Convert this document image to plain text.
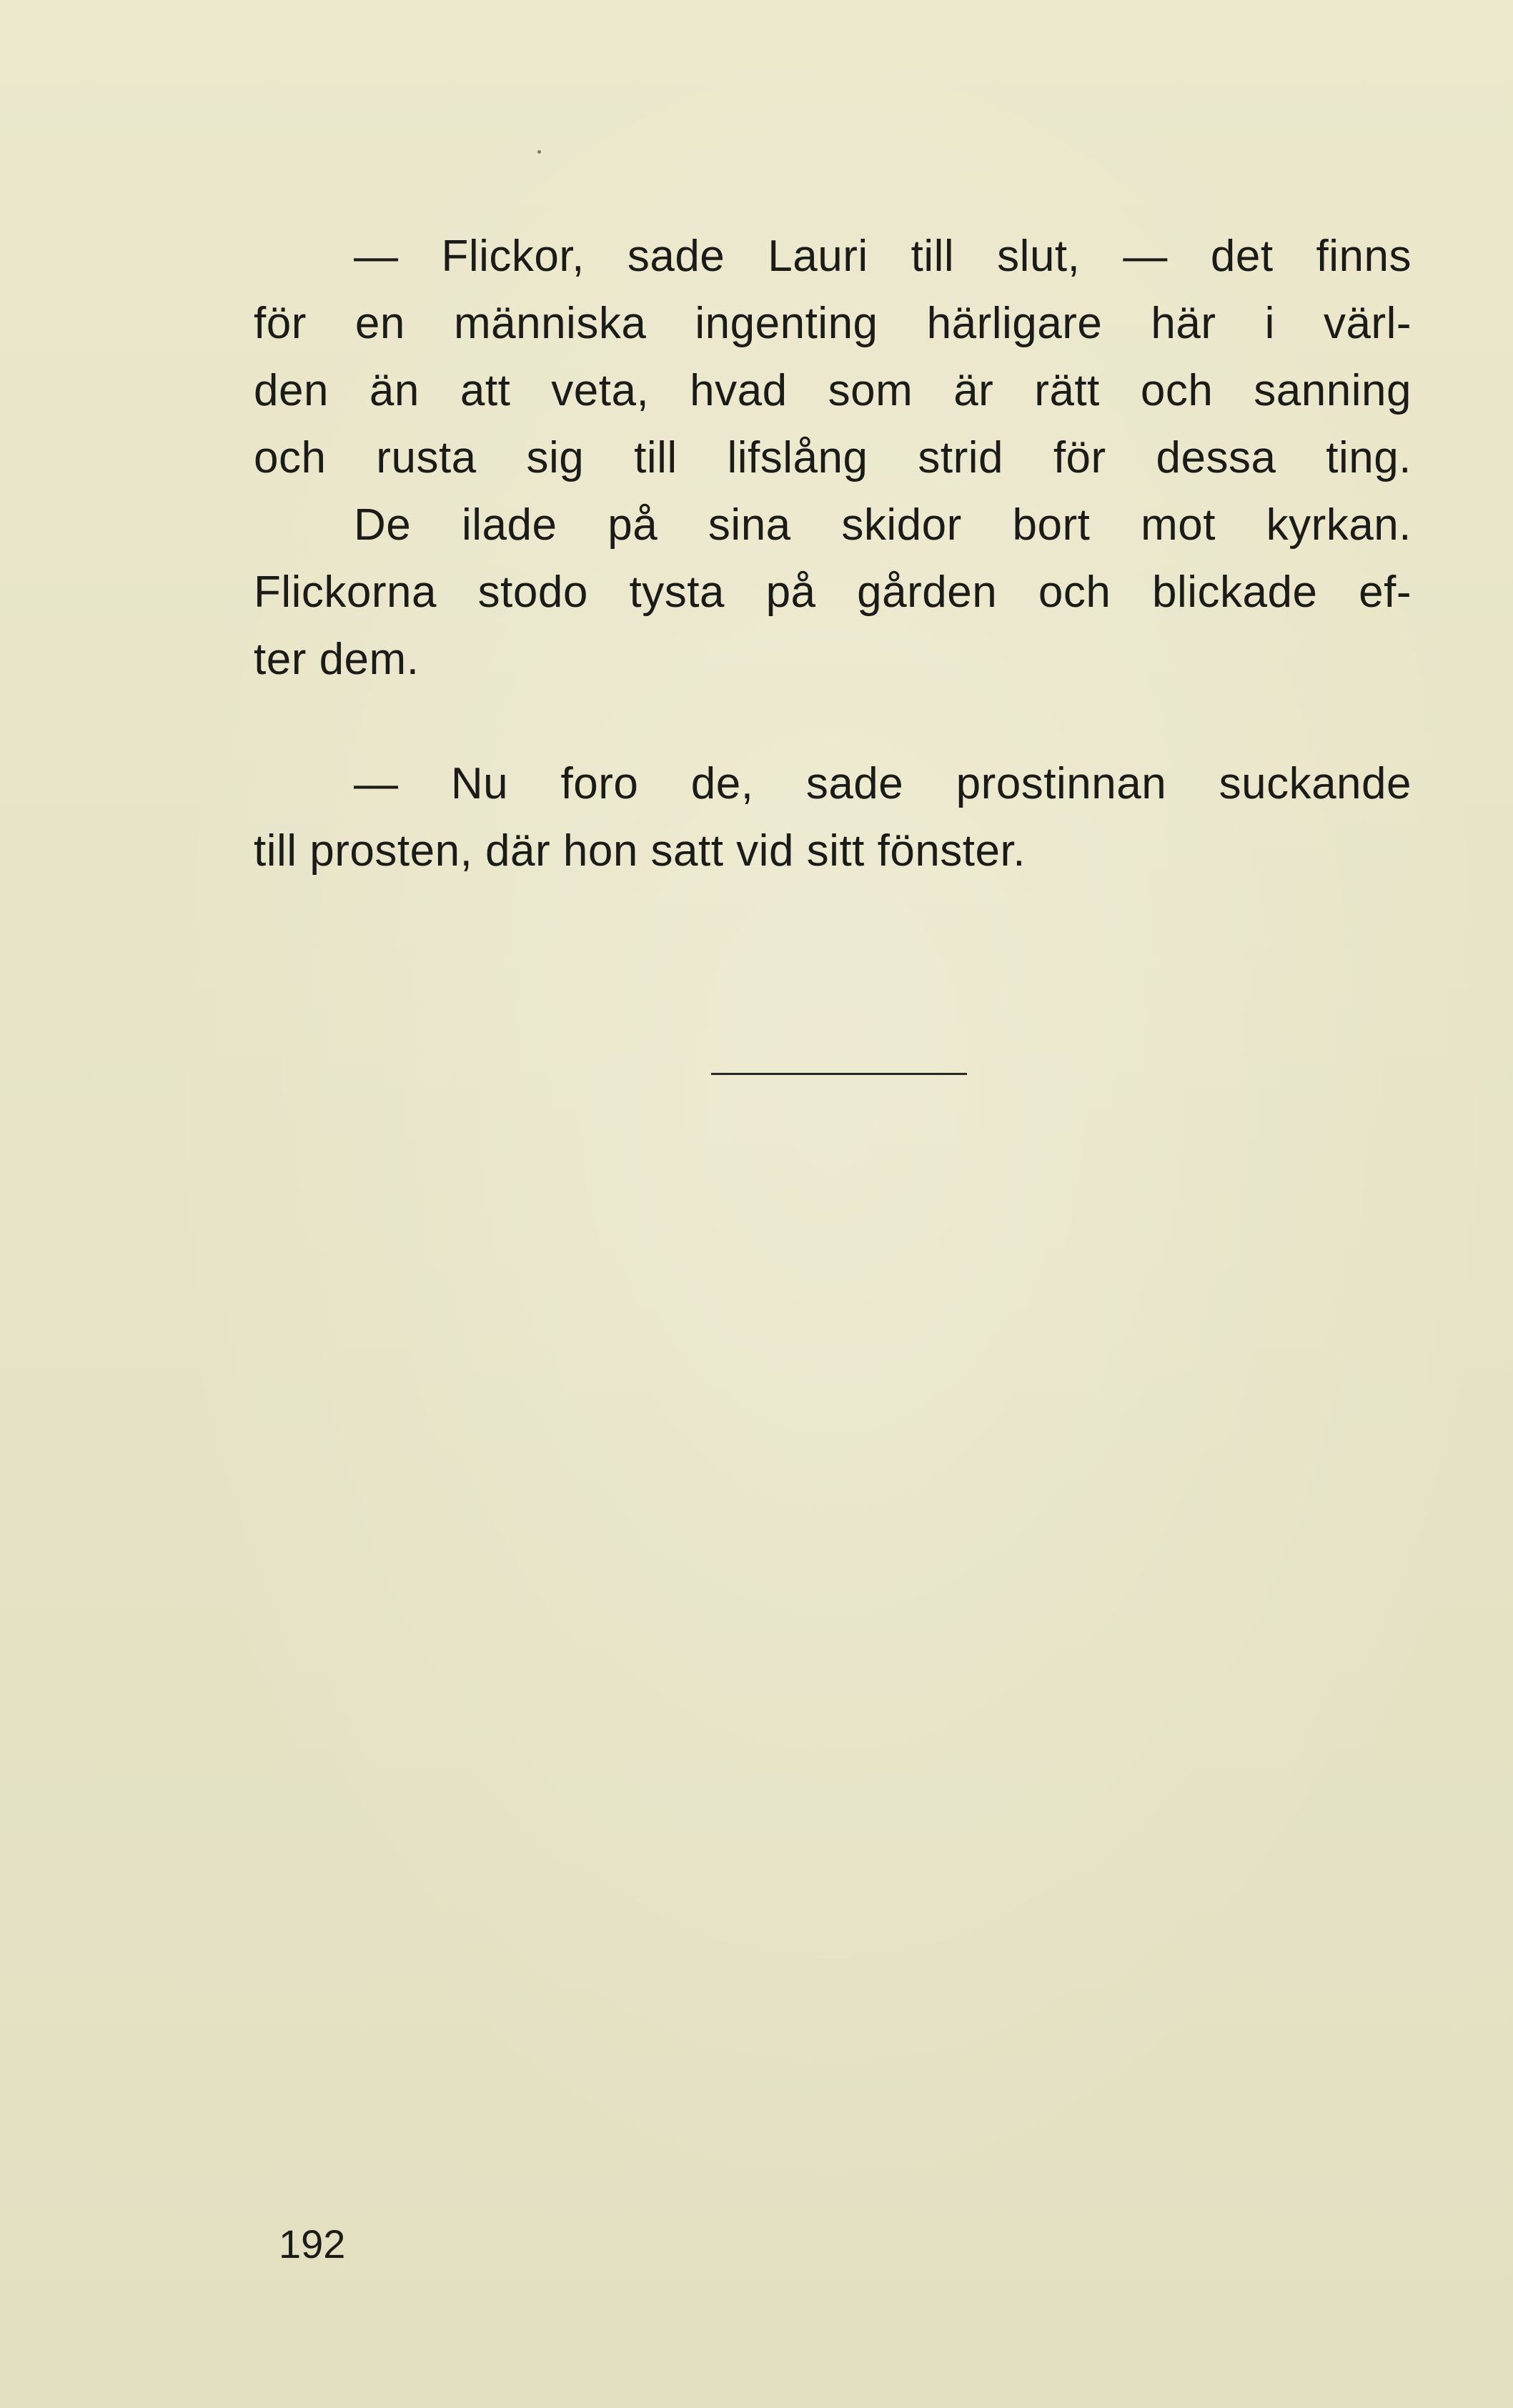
— Flickor, sade Lauri till slut, — det finns
för en människa ingenting härligare här i värl-
den än att veta, hvad som är rätt och sanning
och rusta sig till lifslång strid för dessa ting.
De ilade på sina skidor bort mot kyrkan.
Flickorna stodo tysta på gården och blickade ef-
ter dem.
— Nu foro de, sade prostinnan suckande
till prosten, där hon satt vid sitt fönster.
192
